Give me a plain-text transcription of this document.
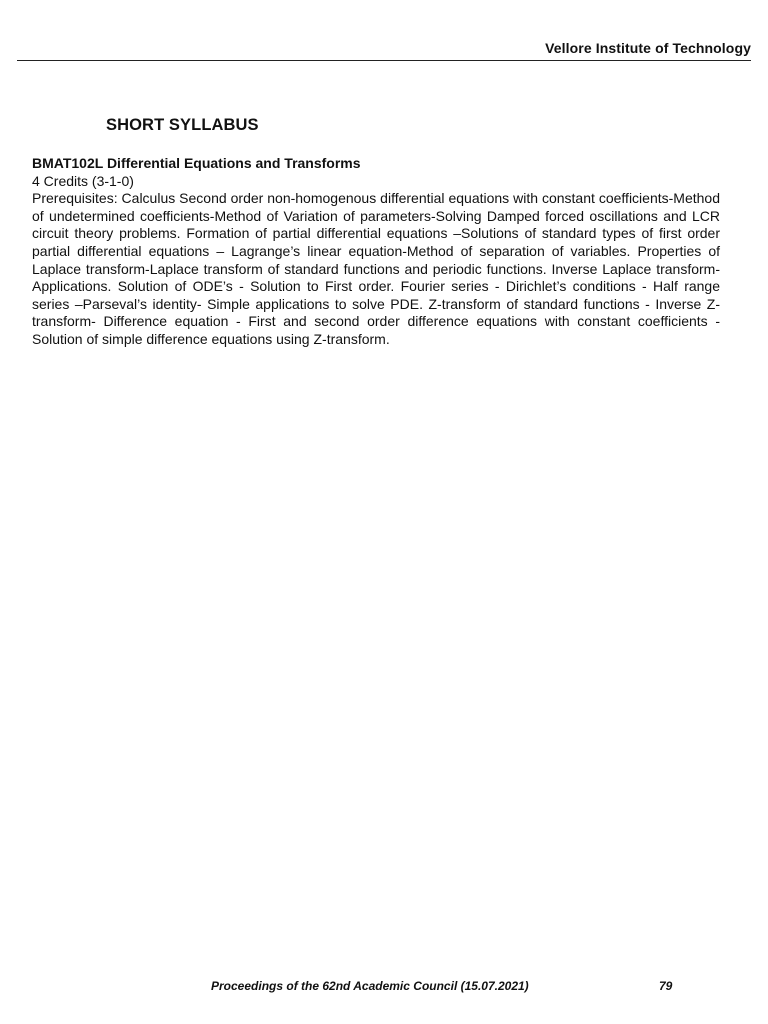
Vellore Institute of Technology
SHORT SYLLABUS
BMAT102L Differential Equations and Transforms
4 Credits (3-1-0)
Prerequisites: Calculus Second order non-homogenous differential equations with constant coefficients-Method of undetermined coefficients-Method of Variation of parameters-Solving Damped forced oscillations and LCR circuit theory problems. Formation of partial differential equations –Solutions of standard types of first order partial differential equations – Lagrange’s linear equation-Method of separation of variables. Properties of Laplace transform-Laplace transform of standard functions and periodic functions. Inverse Laplace transform- Applications. Solution of ODE’s - Solution to First order. Fourier series - Dirichlet’s conditions - Half range series –Parseval’s identity- Simple applications to solve PDE. Z-transform of standard functions - Inverse Z-transform- Difference equation - First and second order difference equations with constant coefficients - Solution of simple difference equations using Z-transform.
Proceedings of the 62nd Academic Council (15.07.2021)	79
